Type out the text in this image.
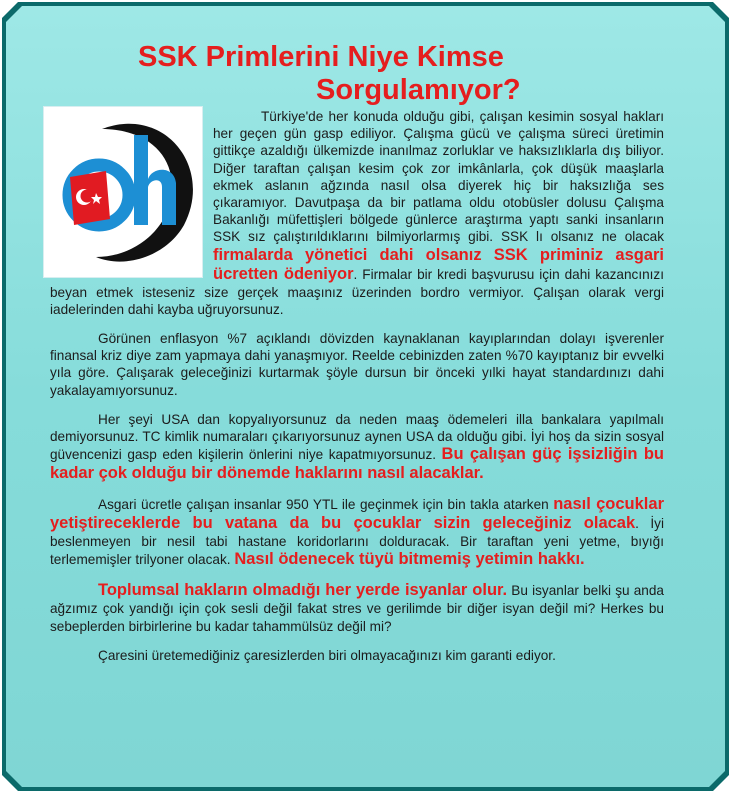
SSK Primlerini Niye Kimse
Sorgulamıyor?

Türkiye'de her konuda olduğu gibi, çalışan kesimin sosyal hakları her geçen gün gasp ediliyor. Çalışma gücü ve çalışma süreci üretimin gittikçe azaldığı ülkemizde inanılmaz zorluklar ve haksızlıklarla dış biliyor. Diğer taraftan çalışan kesim çok zor imkânlarla, çok düşük maaşlarla ekmek aslanın ağzında nasıl olsa diyerek hiç bir haksızlığa ses çıkaramıyor. Davutpaşa da bir patlama oldu otobüsler dolusu Çalışma Bakanlığı müfettişleri bölgede günlerce araştırma yaptı sanki insanların SSK sız çalıştırıldıklarını bilmiyorlarmış gibi. SSK lı olsanız ne olacak firmalarda yönetici dahi olsanız SSK priminiz asgari ücretten ödeniyor. Firmalar bir kredi başvurusu için dahi kazancınızı beyan etmek isteseniz size gerçek maaşınız üzerinden bordro vermiyor. Çalışan olarak vergi iadelerinden dahi kayba uğruyorsunuz.

Görünen enflasyon %7 açıklandı dövizden kaynaklanan kayıplarından dolayı işverenler finansal kriz diye zam yapmaya dahi yanaşmıyor. Reelde cebinizden zaten %70 kayıptanız bir evvelki yıla göre. Çalışarak geleceğinizi kurtarmak şöyle dursun bir önceki yılki hayat standardınızı dahi yakalayamıyorsunuz.

Her şeyi USA dan kopyalıyorsunuz da neden maaş ödemeleri illa bankalara yapılmalı demiyorsunuz. TC kimlik numaraları çıkarıyorsunuz aynen USA da olduğu gibi. İyi hoş da sizin sosyal güvencenizi gasp eden kişilerin önlerini niye kapatmıyorsunuz. Bu çalışan güç işsizliğin bu kadar çok olduğu bir dönemde haklarını nasıl alacaklar.

Asgari ücretle çalışan insanlar 950 YTL ile geçinmek için bin takla atarken nasıl çocuklar yetiştireceklerde bu vatana da bu çocuklar sizin geleceğiniz olacak. İyi beslenmeyen bir nesil tabi hastane koridorlarını dolduracak. Bir taraftan yeni yetme, bıyığı terlememişler trilyoner olacak. Nasıl ödenecek tüyü bitmemiş yetimin hakkı.

Toplumsal hakların olmadığı her yerde isyanlar olur. Bu isyanlar belki şu anda ağzımız çok yandığı için çok sesli değil fakat stres ve gerilimde bir diğer isyan değil mi? Herkes bu sebeplerden birbirlerine bu kadar tahammülsüz değil mi?

Çaresini üretemediğiniz çaresizlerden biri olmayacağınızı kim garanti ediyor.
